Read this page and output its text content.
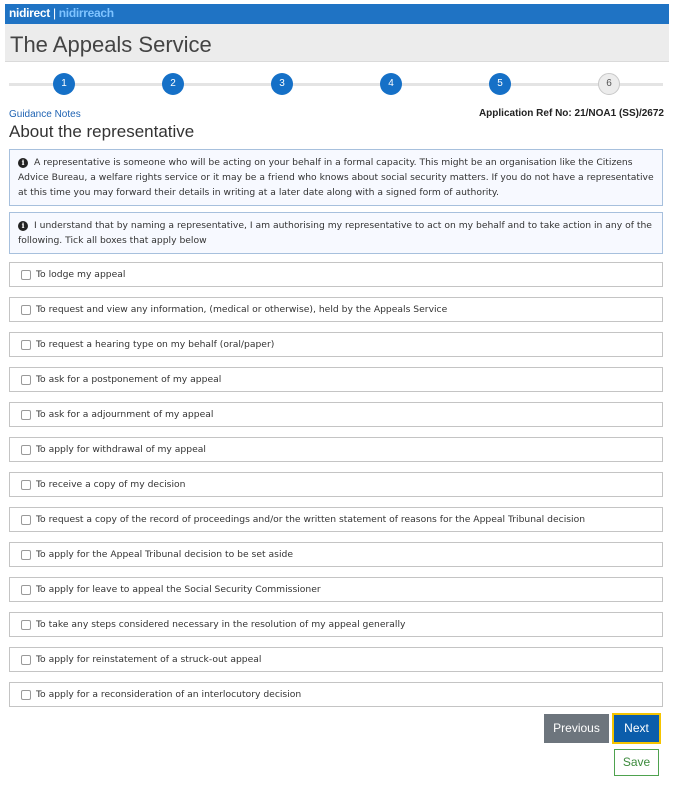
nidirect | nidirreach
The Appeals Service
1	2	3	4	5	6
Guidance Notes	Application Ref No: 21/NOA1 (SS)/2672
About the representative
i A representative is someone who will be acting on your behalf in a formal capacity. This might be an organisation like the Citizens Advice Bureau, a welfare rights service or it may be a friend who knows about social security matters. If you do not have a representative at this time you may forward their details in writing at a later date along with a signed form of authority.
i I understand that by naming a representative, I am authorising my representative to act on my behalf and to take action in any of the following. Tick all boxes that apply below
To lodge my appeal
To request and view any information, (medical or otherwise), held by the Appeals Service
To request a hearing type on my behalf (oral/paper)
To ask for a postponement of my appeal
To ask for a adjournment of my appeal
To apply for withdrawal of my appeal
To receive a copy of my decision
To request a copy of the record of proceedings and/or the written statement of reasons for the Appeal Tribunal decision
To apply for the Appeal Tribunal decision to be set aside
To apply for leave to appeal the Social Security Commissioner
To take any steps considered necessary in the resolution of my appeal generally
To apply for reinstatement of a struck-out appeal
To apply for a reconsideration of an interlocutory decision
Previous	Next
Save
